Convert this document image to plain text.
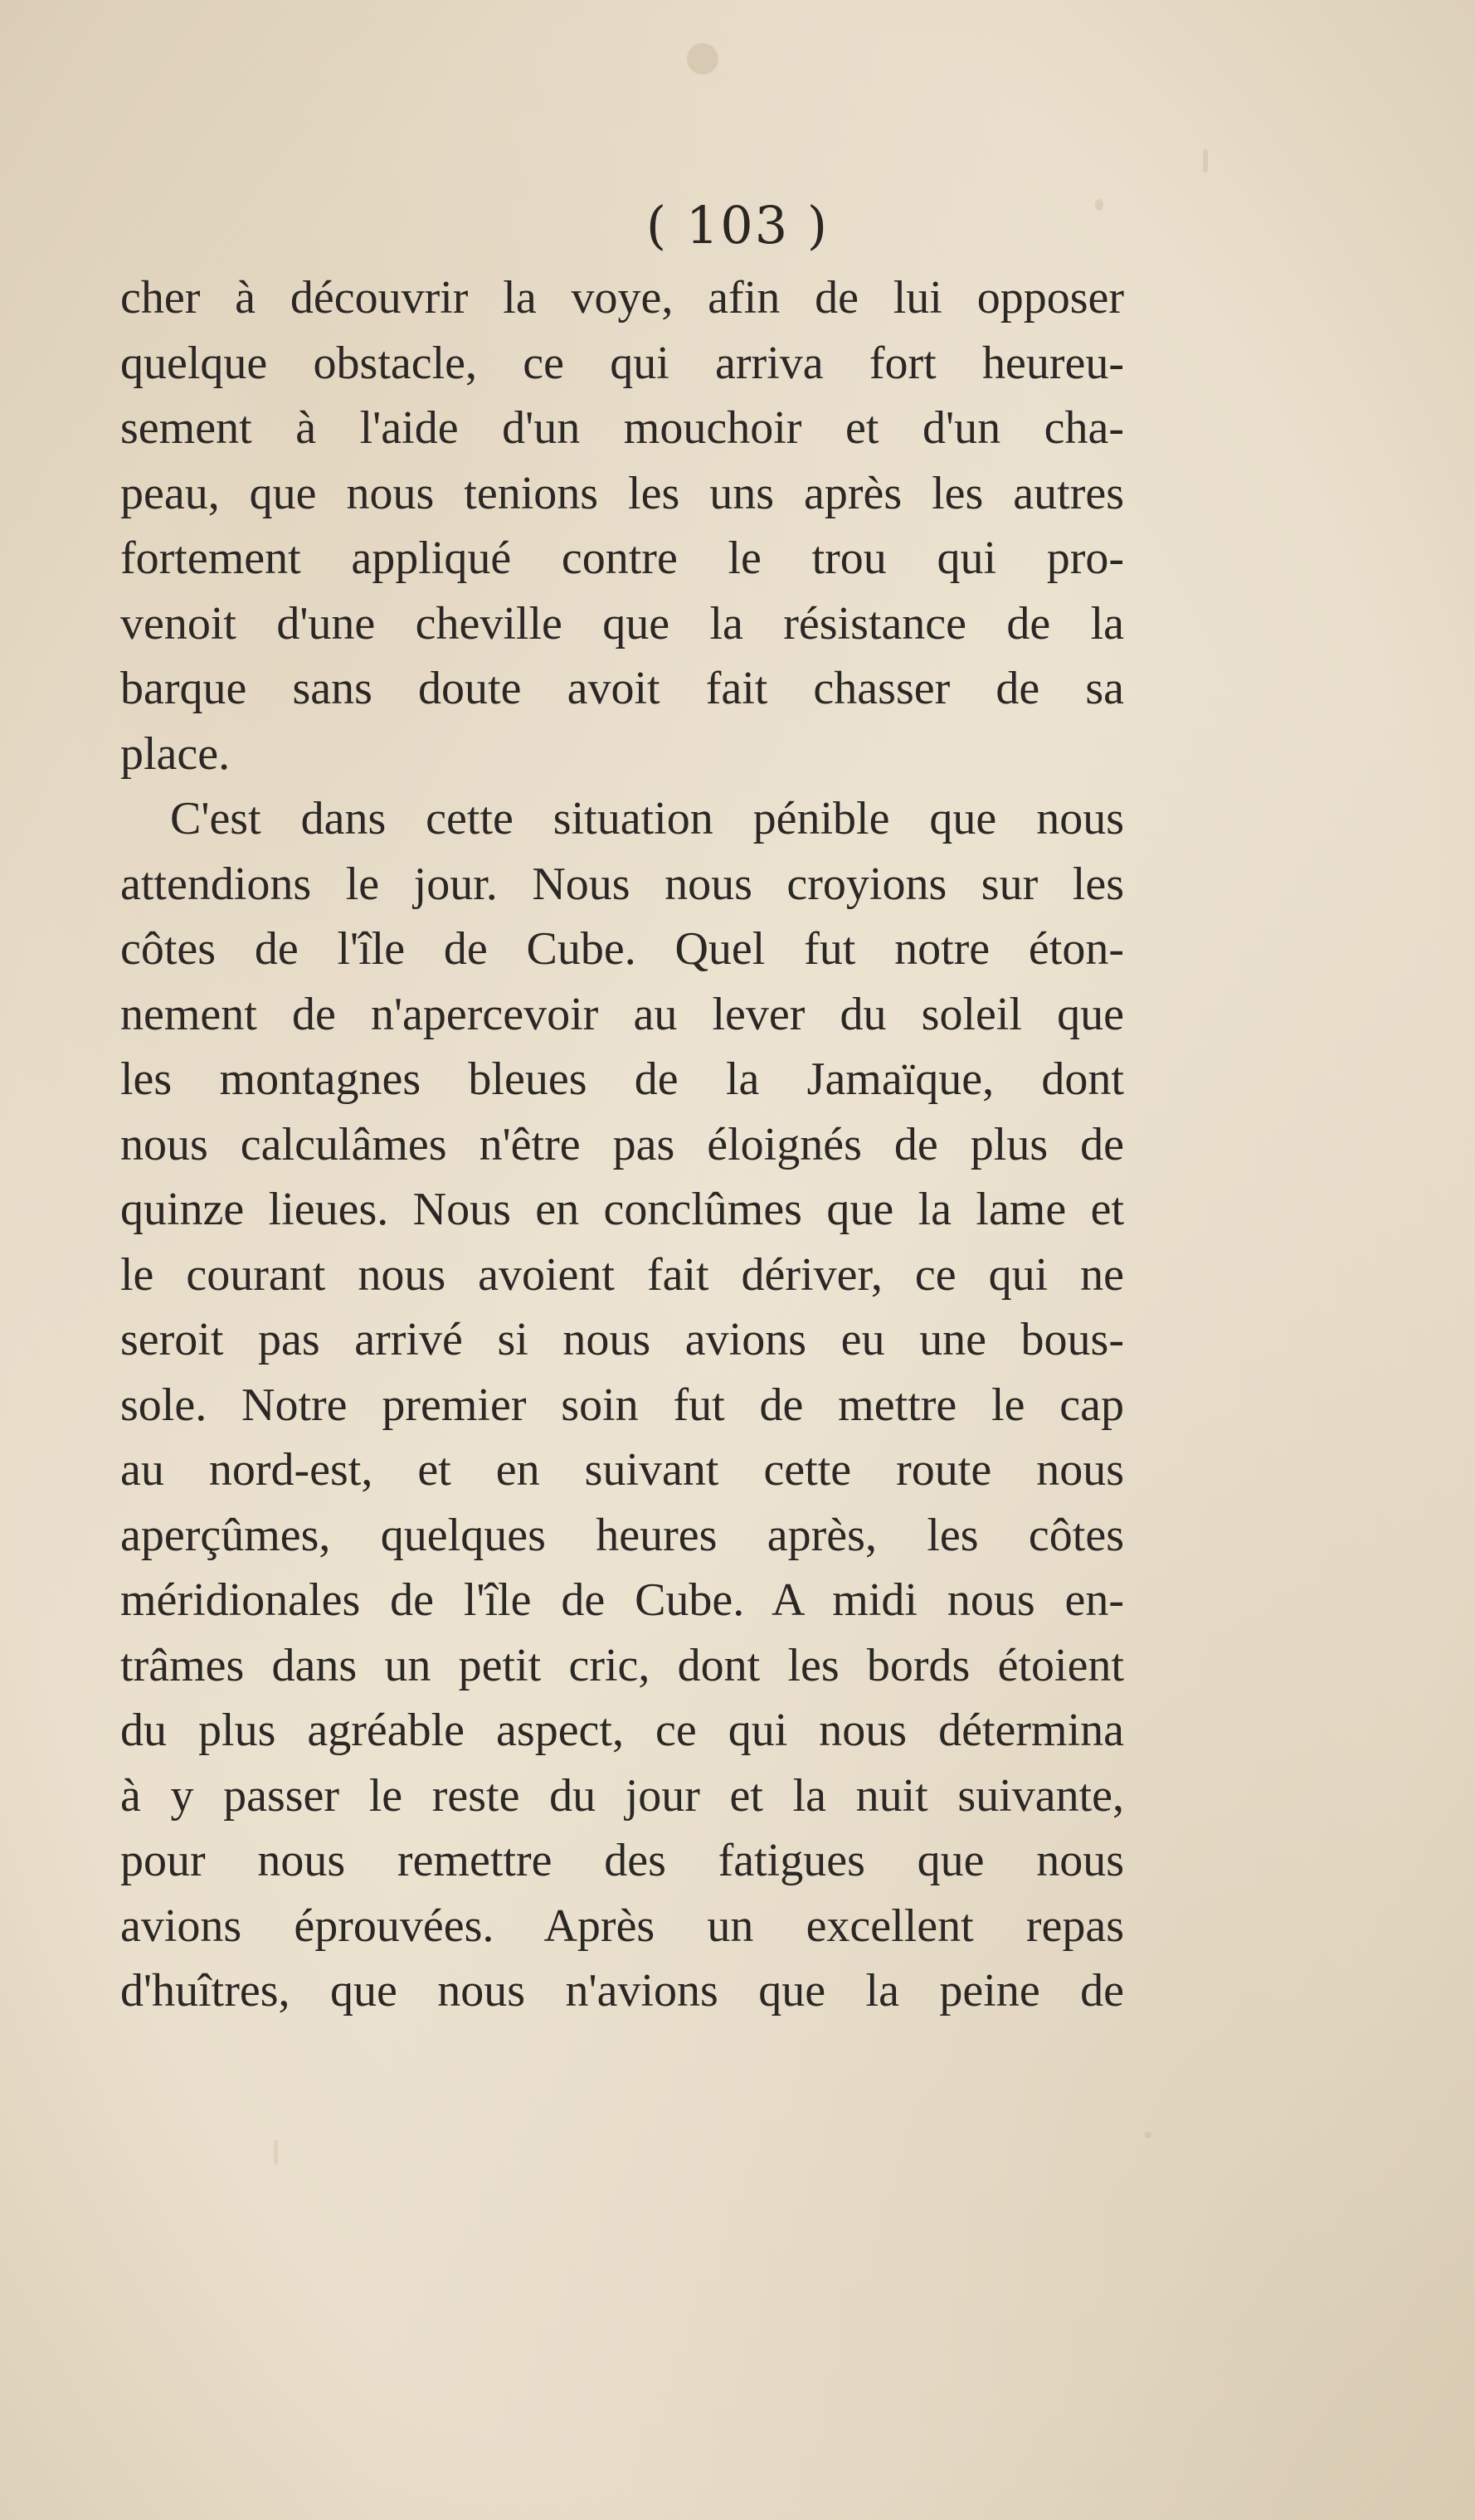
( 103 )
cher à découvrir la voye, afin de lui opposer
quelque obstacle, ce qui arriva fort heureu-
sement à l'aide d'un mouchoir et d'un cha-
peau, que nous tenions les uns après les autres
fortement appliqué contre le trou qui pro-
venoit d'une cheville que la résistance de la
barque sans doute avoit fait chasser de sa
place.
C'est dans cette situation pénible que nous
attendions le jour. Nous nous croyions sur les
côtes de l'île de Cube. Quel fut notre éton-
nement de n'apercevoir au lever du soleil que
les montagnes bleues de la Jamaïque, dont
nous calculâmes n'être pas éloignés de plus de
quinze lieues. Nous en conclûmes que la lame et
le courant nous avoient fait dériver, ce qui ne
seroit pas arrivé si nous avions eu une bous-
sole. Notre premier soin fut de mettre le cap
au nord-est, et en suivant cette route nous
aperçûmes, quelques heures après, les côtes
méridionales de l'île de Cube. A midi nous en-
trâmes dans un petit cric, dont les bords étoient
du plus agréable aspect, ce qui nous détermina
à y passer le reste du jour et la nuit suivante,
pour nous remettre des fatigues que nous
avions éprouvées. Après un excellent repas
d'huîtres, que nous n'avions que la peine de
